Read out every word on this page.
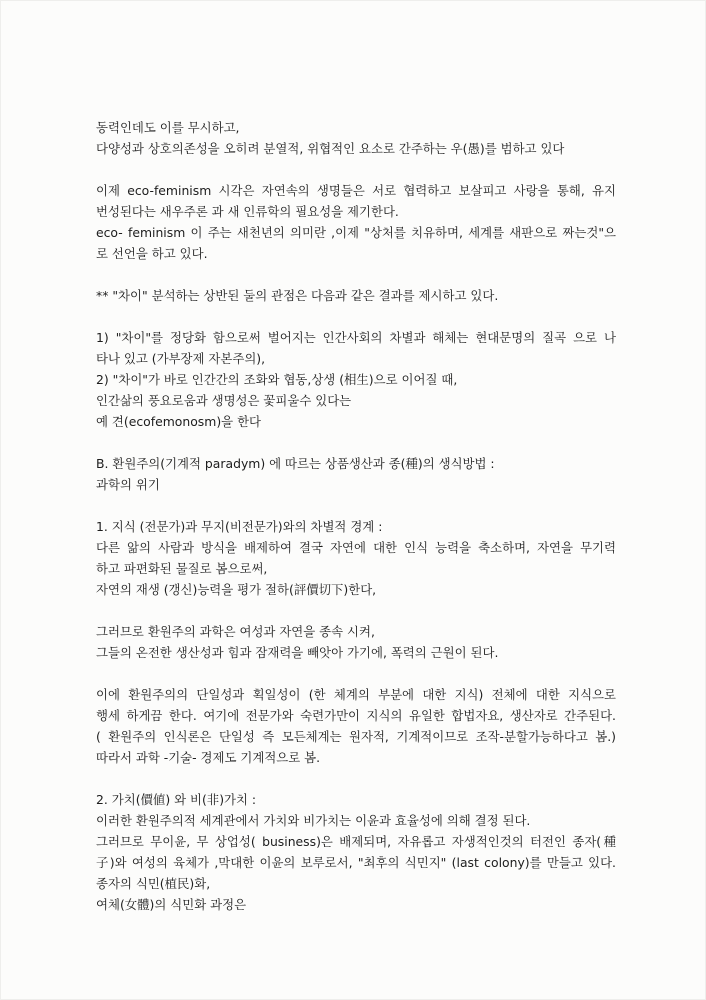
동력인데도 이를 무시하고,
다양성과 상호의존성을 오히려 분열적, 위협적인 요소로 간주하는 우(愚)를 범하고 있다
이제 eco-feminism 시각은 자연속의 생명들은 서로 협력하고 보살피고 사랑을 통해, 유지
번성된다는 새우주론 과 새 인류학의 필요성을 제기한다.
eco- feminism 이 주는 새천년의 의미란 ,이제 "상처를 치유하며, 세계를 새판으로 짜는것"으
로 선언을 하고 있다.
** "차이" 분석하는 상반된 둘의 관점은 다음과 같은 결과를 제시하고 있다.
1) "차이"를 정당화 함으로써 벌어지는 인간사회의 차별과 해체는 현대문명의 질곡 으로 나
타나 있고 (가부장제 자본주의),
2) "차이"가 바로 인간간의 조화와 협동,상생 (相生)으로 이어질 때,
인간삶의 풍요로움과 생명성은 꽃피울수 있다는
예 견(ecofemonosm)을 한다
B. 환원주의(기계적 paradym) 에 따르는 상품생산과 종(種)의 생식방법 :
과학의 위기
1. 지식 (전문가)과 무지(비전문가)와의 차별적 경계 :
다른 앎의 사람과 방식을 배제하여 결국 자연에 대한 인식 능력을 축소하며, 자연을 무기력
하고 파편화된 물질로 봄으로써,
자연의 재생 (갱신)능력을 평가 절하(評價切下)한다,
그러므로 환원주의 과학은 여성과 자연을 종속 시켜,
그들의 온전한 생산성과 힘과 잠재력을 빼앗아 가기에, 폭력의 근원이 된다.
이에 환원주의의 단일성과 획일성이 (한 체계의 부분에 대한 지식) 전체에 대한 지식으로
행세 하게끔 한다. 여기에 전문가와 숙련가만이 지식의 유일한 합법자요, 생산자로 간주된다.
( 환원주의 인식론은 단일성 즉 모든체계는 원자적, 기계적이므로 조작-분할가능하다고 봄.)
따라서 과학 -기술- 경제도 기계적으로 봄.
2. 가치(價値) 와 비(非)가치 :
이러한 환원주의적 세계관에서 가치와 비가치는 이윤과 효율성에 의해 결정 된다.
그러므로 무이윤, 무 상업성( business)은 배제되며, 자유롭고 자생적인것의 터전인 종자(種
子)와 여성의 육체가 ,막대한 이윤의 보루로서, "최후의 식민지" (last colony)를 만들고 있다.
종자의 식민(植民)화,
여체(女體)의 식민화 과정은
